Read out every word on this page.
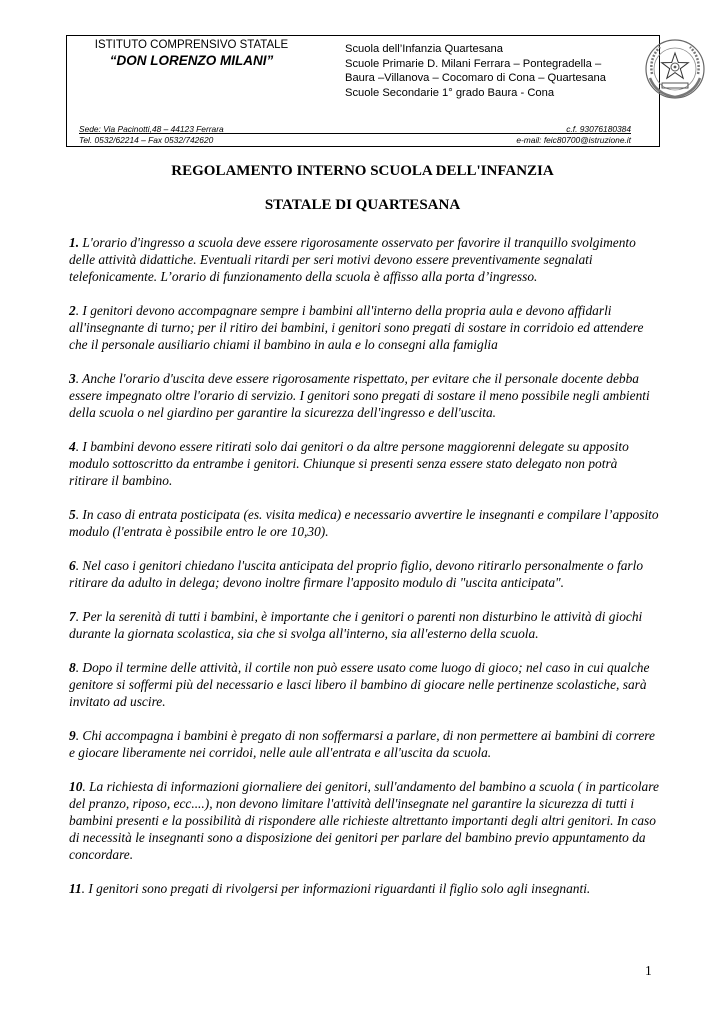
ISTITUTO COMPRENSIVO STATALE
“DON LORENZO MILANI”
Scuola dell’Infanzia Quartesana
Scuole Primarie D. Milani Ferrara – Pontegradella –
Baura –Villanova – Cocomaro di Cona – Quartesana
Scuole Secondarie 1° grado Baura - Cona
Sede: Via Pacinotti,48 – 44123 Ferrara
Tel. 0532/62214 – Fax 0532/742620
c.f. 93076180384
e-mail: feic80700@istruzione.it
REGOLAMENTO INTERNO SCUOLA DELL'INFANZIA
STATALE DI QUARTESANA

1. L'orario d'ingresso a scuola deve essere rigorosamente osservato per favorire il tranquillo svolgimento delle attività didattiche. Eventuali ritardi per seri motivi devono essere preventivamente segnalati telefonicamente. L’orario di funzionamento della scuola è affisso alla porta d’ingresso.

2. I genitori devono accompagnare sempre i bambini all'interno della propria aula e devono affidarli all'insegnante di turno; per il ritiro dei bambini, i genitori sono pregati di sostare in corridoio ed attendere che il personale ausiliario chiami il bambino in aula e lo consegni alla famiglia

3. Anche l'orario d'uscita deve essere rigorosamente rispettato, per evitare che il personale docente debba essere impegnato oltre l'orario di servizio. I genitori sono pregati di sostare il meno possibile negli ambienti della scuola o nel giardino per garantire la sicurezza dell'ingresso e dell'uscita.

4. I bambini devono essere ritirati solo dai genitori o da altre persone maggiorenni delegate su apposito modulo sottoscritto da entrambe i genitori. Chiunque si presenti senza essere stato delegato non potrà ritirare il bambino.

5. In caso di entrata posticipata (es. visita medica) e necessario avvertire le insegnanti e compilare l’apposito modulo (l'entrata è possibile entro le ore 10,30).

6. Nel caso i genitori chiedano l'uscita anticipata del proprio figlio, devono ritirarlo personalmente o farlo ritirare da adulto in delega; devono inoltre firmare l'apposito modulo di "uscita anticipata".

7. Per la serenità di tutti i bambini, è importante che i genitori o parenti non disturbino le attività di giochi durante la giornata scolastica, sia che si svolga all'interno, sia all'esterno della scuola.

8. Dopo il termine delle attività, il cortile non può essere usato come luogo di gioco; nel caso in cui qualche genitore si soffermi più del necessario e lasci libero il bambino di giocare nelle pertinenze scolastiche, sarà invitato ad uscire.

9. Chi accompagna i bambini è pregato di non soffermarsi a parlare, di non permettere ai bambini di correre e giocare liberamente nei corridoi, nelle aule all'entrata e all'uscita da scuola.

10. La richiesta di informazioni giornaliere dei genitori, sull'andamento del bambino a scuola ( in particolare del pranzo, riposo, ecc....), non devono limitare l'attività dell'insegnate nel garantire la sicurezza di tutti i bambini presenti e la possibilità di rispondere alle richieste altrettanto importanti degli altri genitori. In caso di necessità le insegnanti sono a disposizione dei genitori per parlare del bambino previo appuntamento da concordare.

11. I genitori sono pregati di rivolgersi per informazioni riguardanti il figlio solo agli insegnanti.

1
